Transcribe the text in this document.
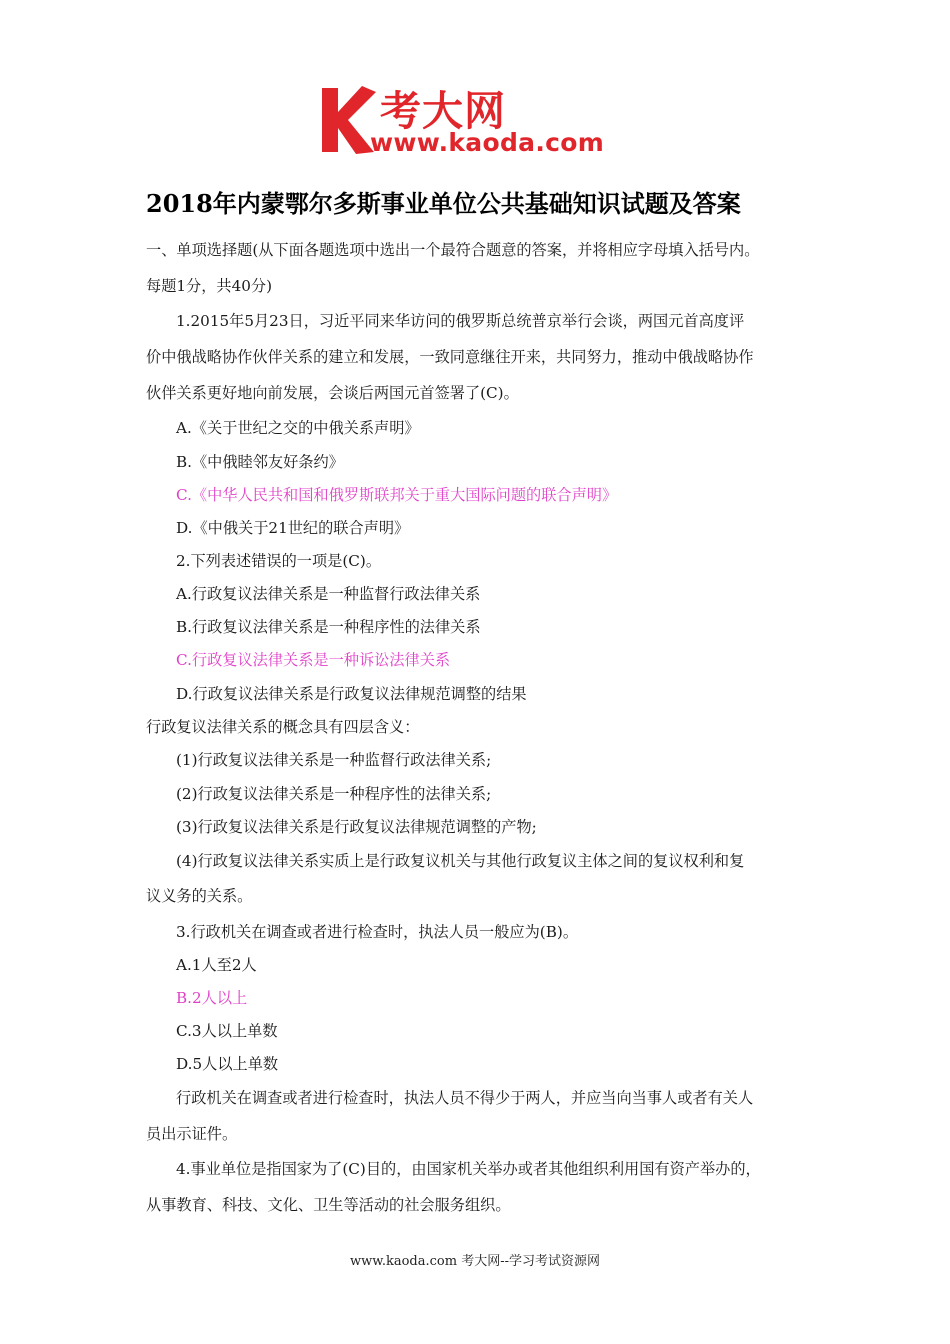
考大网
www.kaoda.com
2018年内蒙鄂尔多斯事业单位公共基础知识试题及答案
一、单项选择题(从下面各题选项中选出一个最符合题意的答案，并将相应字母填入括号内。
每题1分，共40分)
1.2015年5月23日，习近平同来华访问的俄罗斯总统普京举行会谈，两国元首高度评
价中俄战略协作伙伴关系的建立和发展，一致同意继往开来，共同努力，推动中俄战略协作
伙伴关系更好地向前发展，会谈后两国元首签署了(C)。
A.《关于世纪之交的中俄关系声明》
B.《中俄睦邻友好条约》
C.《中华人民共和国和俄罗斯联邦关于重大国际问题的联合声明》
D.《中俄关于21世纪的联合声明》
2.下列表述错误的一项是(C)。
A.行政复议法律关系是一种监督行政法律关系
B.行政复议法律关系是一种程序性的法律关系
C.行政复议法律关系是一种诉讼法律关系
D.行政复议法律关系是行政复议法律规范调整的结果
行政复议法律关系的概念具有四层含义：
(1)行政复议法律关系是一种监督行政法律关系;
(2)行政复议法律关系是一种程序性的法律关系;
(3)行政复议法律关系是行政复议法律规范调整的产物;
(4)行政复议法律关系实质上是行政复议机关与其他行政复议主体之间的复议权利和复
议义务的关系。
3.行政机关在调查或者进行检查时，执法人员一般应为(B)。
A.1人至2人
B.2人以上
C.3人以上单数
D.5人以上单数
行政机关在调查或者进行检查时，执法人员不得少于两人，并应当向当事人或者有关人
员出示证件。
4.事业单位是指国家为了(C)目的，由国家机关举办或者其他组织利用国有资产举办的，
从事教育、科技、文化、卫生等活动的社会服务组织。
www.kaoda.com 考大网--学习考试资源网
